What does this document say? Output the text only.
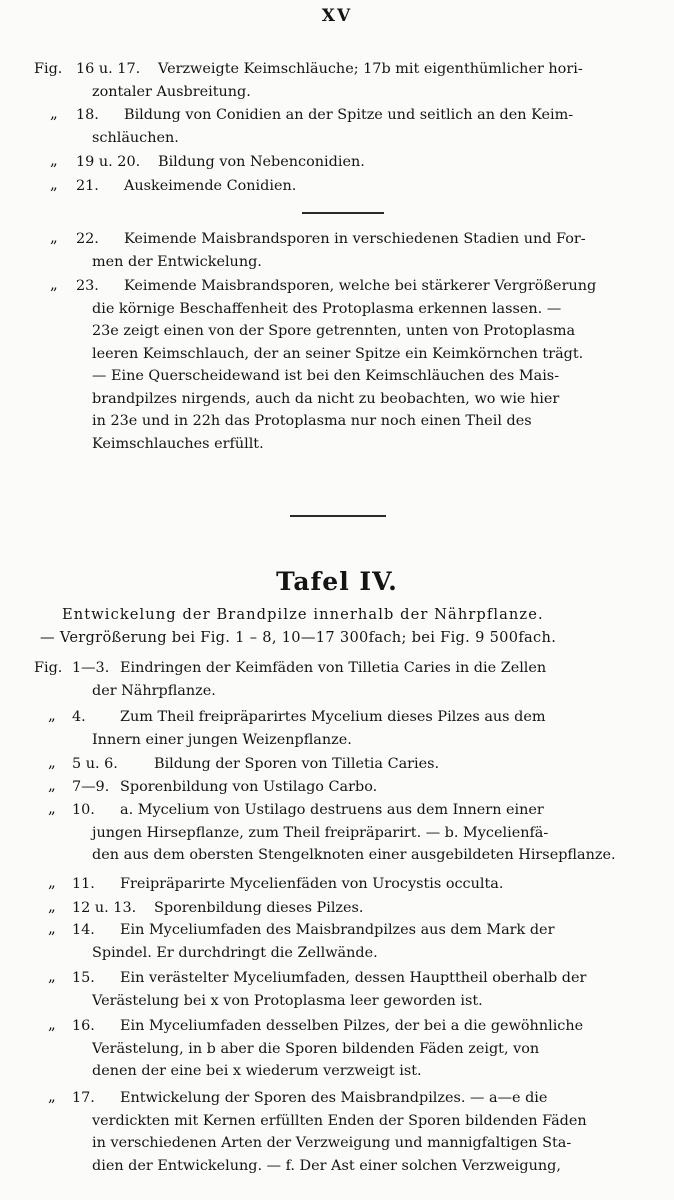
XV
Fig. 16 u. 17. Verzweigte Keimschläuche; 17b mit eigenthümlicher hori-
zontaler Ausbreitung.
„ 18. Bildung von Conidien an der Spitze und seitlich an den Keim-
schläuchen.
„ 19 u. 20. Bildung von Nebenconidien.
„ 21. Auskeimende Conidien.
„ 22. Keimende Maisbrandsporen in verschiedenen Stadien und For-
men der Entwickelung.
„ 23. Keimende Maisbrandsporen, welche bei stärkerer Vergrößerung
die körnige Beschaffenheit des Protoplasma erkennen lassen. —
23e zeigt einen von der Spore getrennten, unten von Protoplasma
leeren Keimschlauch, der an seiner Spitze ein Keimkörnchen trägt.
— Eine Querscheidewand ist bei den Keimschläuchen des Mais-
brandpilzes nirgends, auch da nicht zu beobachten, wo wie hier
in 23e und in 22h das Protoplasma nur noch einen Theil des
Keimschlauches erfüllt.
Tafel IV.
Entwickelung der Brandpilze innerhalb der Nährpflanze.
— Vergrößerung bei Fig. 1 – 8, 10—17 300fach; bei Fig. 9 500fach.
Fig. 1—3. Eindringen der Keimfäden von Tilletia Caries in die Zellen
der Nährpflanze.
„ 4. Zum Theil freipräparirtes Mycelium dieses Pilzes aus dem
Innern einer jungen Weizenpflanze.
„ 5 u. 6.	Bildung der Sporen von Tilletia Caries.
„ 7—9. Sporenbildung von Ustilago Carbo.
„ 10. a. Mycelium von Ustilago destruens aus dem Innern einer
jungen Hirsepflanze, zum Theil freipräparirt. — b. Mycelienfä-
den aus dem obersten Stengelknoten einer ausgebildeten Hirsepflanze.
„ 11. Freipräparirte Mycelienfäden von Urocystis occulta.
„ 12 u. 13. Sporenbildung dieses Pilzes.
„ 14. Ein Myceliumfaden des Maisbrandpilzes aus dem Mark der
Spindel. Er durchdringt die Zellwände.
„ 15. Ein verästelter Myceliumfaden, dessen Haupttheil oberhalb der
Verästelung bei x von Protoplasma leer geworden ist.
„ 16. Ein Myceliumfaden desselben Pilzes, der bei a die gewöhnliche
Verästelung, in b aber die Sporen bildenden Fäden zeigt, von
denen der eine bei x wiederum verzweigt ist.
„ 17. Entwickelung der Sporen des Maisbrandpilzes. — a—e die
verdickten mit Kernen erfüllten Enden der Sporen bildenden Fäden
in verschiedenen Arten der Verzweigung und mannigfaltigen Sta-
dien der Entwickelung. — f. Der Ast einer solchen Verzweigung,
